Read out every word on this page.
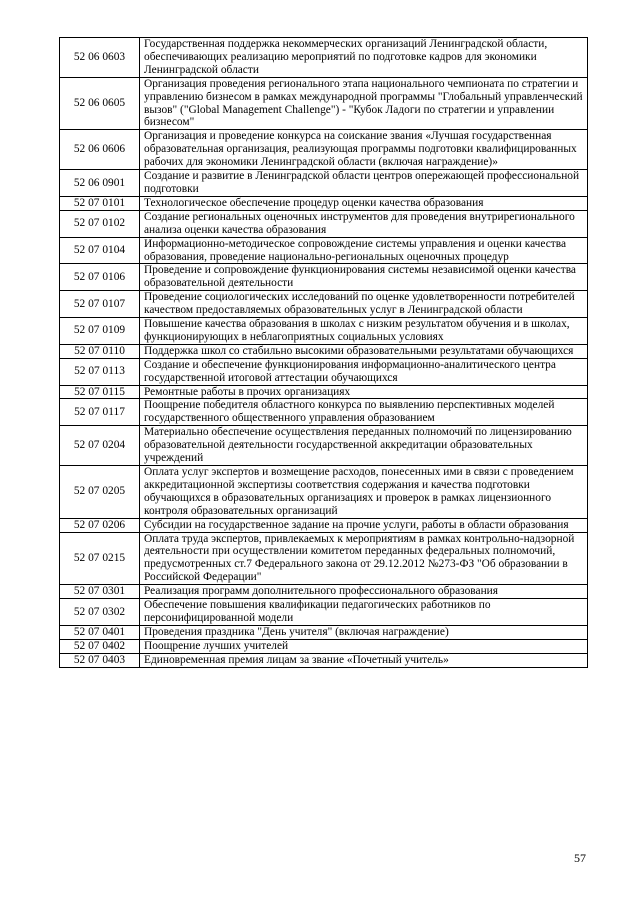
52 06 0603	Государственная поддержка некоммерческих организаций Ленинградской области, обеспечивающих реализацию мероприятий по подготовке кадров для экономики Ленинградской области
52 06 0605	Организация проведения регионального этапа национального чемпионата по стратегии и управлению бизнесом в рамках международной программы "Глобальный управленческий вызов" ("Global Management Challenge") - "Кубок Ладоги по стратегии и управлении бизнесом"
52 06 0606	Организация и проведение конкурса на соискание звания «Лучшая государственная образовательная организация, реализующая программы подготовки квалифицированных рабочих для экономики Ленинградской области (включая награждение)»
52 06 0901	Создание и развитие в Ленинградской области центров опережающей профессиональной подготовки
52 07 0101	Технологическое обеспечение процедур оценки качества образования
52 07 0102	Создание региональных оценочных инструментов для проведения внутрирегионального анализа оценки качества образования
52 07 0104	Информационно-методическое сопровождение системы управления и оценки качества образования, проведение национально-региональных оценочных процедур
52 07 0106	Проведение и сопровождение функционирования системы независимой оценки качества образовательной деятельности
52 07 0107	Проведение социологических исследований по оценке удовлетворенности потребителей качеством предоставляемых образовательных услуг в Ленинградской области
52 07 0109	Повышение качества образования в школах с низким результатом обучения и в школах, функционирующих в неблагоприятных социальных условиях
52 07 0110	Поддержка школ со стабильно высокими образовательными результатами обучающихся
52 07 0113	Создание и обеспечение функционирования информационно-аналитического центра государственной итоговой аттестации обучающихся
52 07 0115	Ремонтные работы в прочих организациях
52 07 0117	Поощрение победителя областного конкурса по выявлению перспективных моделей государственного общественного управления образованием
52 07 0204	Материально обеспечение осуществления переданных полномочий по лицензированию образовательной деятельности государственной аккредитации образовательных учреждений
52 07 0205	Оплата услуг экспертов и возмещение расходов, понесенных ими в связи с проведением аккредитационной экспертизы соответствия содержания и качества подготовки обучающихся в образовательных организациях и проверок в рамках лицензионного контроля образовательных организаций
52 07 0206	Субсидии на государственное задание на прочие услуги, работы в области образования
52 07 0215	Оплата труда экспертов, привлекаемых к мероприятиям в рамках контрольно-надзорной деятельности при осуществлении комитетом переданных федеральных полномочий, предусмотренных ст.7 Федерального закона от 29.12.2012 №273-ФЗ "Об образовании в Российской Федерации"
52 07 0301	Реализация программ дополнительного профессионального образования
52 07 0302	Обеспечение повышения квалификации педагогических работников по персонифицированной модели
52 07 0401	Проведения праздника "День учителя" (включая награждение)
52 07 0402	Поощрение лучших учителей
52 07 0403	Единовременная премия лицам за звание «Почетный учитель»
57
